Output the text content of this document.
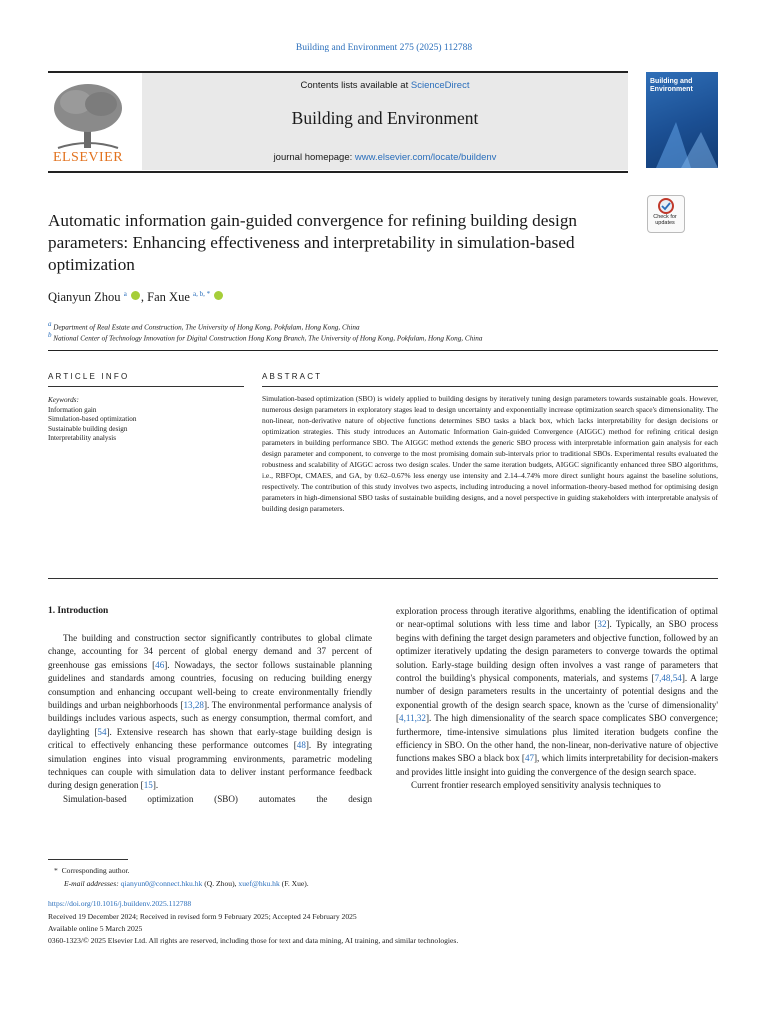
Building and Environment 275 (2025) 112788
ELSEVIER
Contents lists available at ScienceDirect
Building and Environment
journal homepage: www.elsevier.com/locate/buildenv
Building and Environment
Check for updates
Automatic information gain-guided convergence for refining building design parameters: Enhancing effectiveness and interpretability in simulation-based optimization
Qianyun Zhou $^a$ , Fan Xue $^{a, b, *}$
$^a$ Department of Real Estate and Construction, The University of Hong Kong, Pokfulam, Hong Kong, China
$^b$ National Center of Technology Innovation for Digital Construction Hong Kong Branch, The University of Hong Kong, Pokfulam, Hong Kong, China
ARTICLE INFO	ABSTRACT
Keywords:
Information gain
Simulation-based optimization
Sustainable building design
Interpretability analysis
Simulation-based optimization (SBO) is widely applied to building designs by iteratively tuning design parameters towards sustainable goals. However, numerous design parameters in exploratory stages lead to design uncertainty and exponentially increase optimization search space's dimensionality. The non-linear, non-derivative nature of objective functions determines SBO tasks a black box, which lacks interpretability for design decisions or optimization strategies. This study introduces an Automatic Information Gain-guided Convergence (AIGGC) method for refining critical design parameters in building performance SBO. The AIGGC method extends the generic SBO process with interpretable information gain analysis for each design parameter and component, to converge to the most promising domain sub-intervals prior to traditional SBOs. Experimental results evaluated the robustness and scalability of AIGGC across two design scales. Under the same iteration budgets, AIGGC significantly enhanced three SBO algorithms, i.e., RBFOpt, CMAES, and GA, by 0.62–0.67% less energy use intensity and 2.14–4.74% more direct sunlight hours against the baseline solutions, respectively. The contribution of this study involves two aspects, including introducing a novel information-theory-based method for optimising design parameters in high-dimensional SBO tasks of sustainable building designs, and a novel perspective in guiding stakeholders with interpretable analysis of building design parameters.
1. Introduction

The building and construction sector significantly contributes to global climate change, accounting for 34 percent of global energy demand and 37 percent of greenhouse gas emissions [46]. Nowadays, the sector follows sustainable planning guidelines and standards among countries, focusing on reducing building energy consumption and enhancing occupant well-being to create environmentally friendly buildings and urban neighborhoods [13,28]. The environmental performance analysis of buildings includes various aspects, such as energy consumption, thermal comfort, and daylighting [54]. Extensive research has shown that early-stage building design is critical to effectively enhancing these performance outcomes [48]. By integrating simulation engines into visual programming environments, parametric modeling techniques can couple with simulation data to deliver instant performance feedback during design generation [15].

Simulation-based optimization (SBO) automates the design

exploration process through iterative algorithms, enabling the identification of optimal or near-optimal solutions with less time and labor [32]. Typically, an SBO process begins with defining the target design parameters and objective function, followed by an optimizer iteratively updating the design parameters to converge towards the optimal solution. Early-stage building design often involves a vast range of parameters that control the building's physical components, materials, and systems [7,48,54]. A large number of design parameters results in the uncertainty of potential designs and the exponential growth of the design search space, known as the 'curse of dimensionality' [4,11,32]. The high dimensionality of the search space complicates SBO convergence; furthermore, time-intensive simulations plus limited iteration budgets confine the efficiency in SBO. On the other hand, the non-linear, non-derivative nature of objective functions makes SBO a black box [47], which limits interpretability for decision-makers and provides little insight into guiding the convergence of the design search space.

Current frontier research employed sensitivity analysis techniques to

* Corresponding author.
E-mail addresses: qianyun0@connect.hku.hk (Q. Zhou), xuef@hku.hk (F. Xue).
https://doi.org/10.1016/j.buildenv.2025.112788
Received 19 December 2024; Received in revised form 9 February 2025; Accepted 24 February 2025
Available online 5 March 2025
0360-1323/© 2025 Elsevier Ltd. All rights are reserved, including those for text and data mining, AI training, and similar technologies.
